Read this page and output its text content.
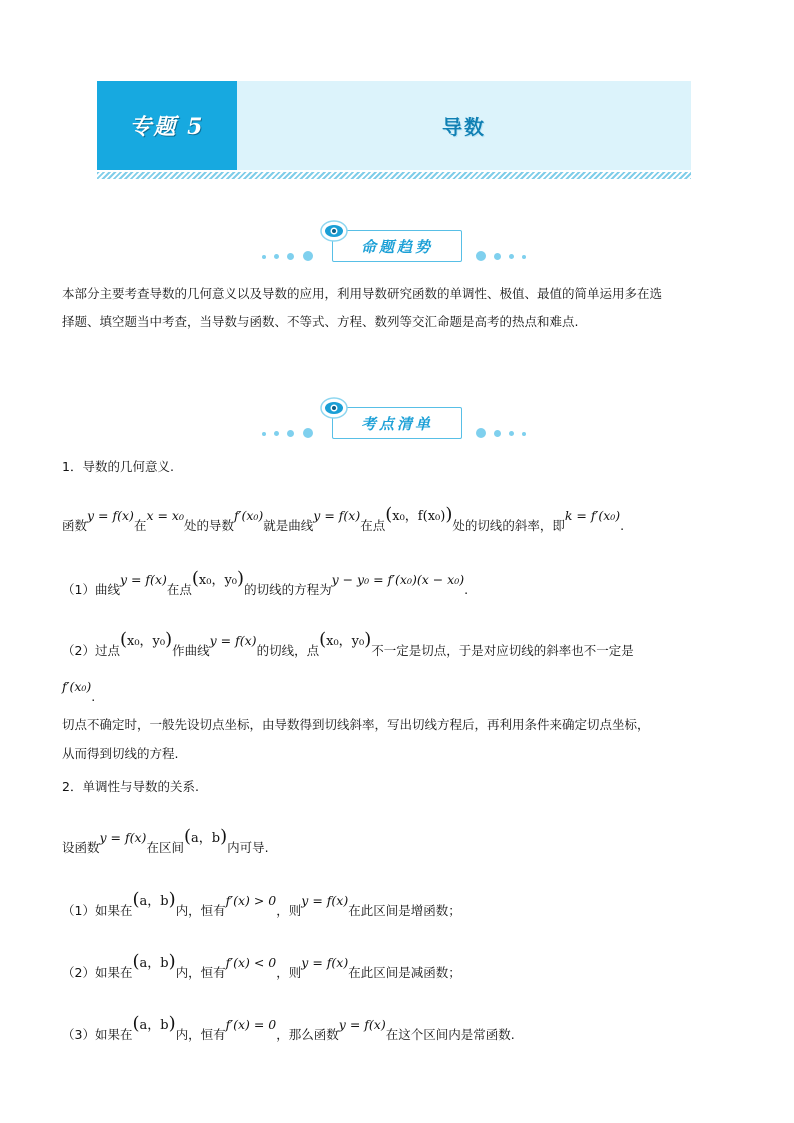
专题 5	导数
命题趋势
本部分主要考查导数的几何意义以及导数的应用，利用导数研究函数的单调性、极值、最值的简单运用多在选
择题、填空题当中考查，当导数与函数、不等式、方程、数列等交汇命题是高考的热点和难点.
考点清单
1．导数的几何意义.
函数y = f(x)在x = x₀处的导数f′(x₀)就是曲线y = f(x)在点(x₀，f(x₀))处的切线的斜率，即k = f′(x₀).
（1）曲线y = f(x)在点(x₀，y₀)的切线的方程为y − y₀ = f′(x₀)(x − x₀).
（2）过点(x₀，y₀)作曲线y = f(x)的切线，点(x₀，y₀)不一定是切点，于是对应切线的斜率也不一定是
f′(x₀).
切点不确定时，一般先设切点坐标，由导数得到切线斜率，写出切线方程后，再利用条件来确定切点坐标，
从而得到切线的方程.
2．单调性与导数的关系.
设函数y = f(x)在区间(a，b)内可导.
（1）如果在(a，b)内，恒有f′(x) > 0，则y = f(x)在此区间是增函数；
（2）如果在(a，b)内，恒有f′(x) < 0，则y = f(x)在此区间是减函数；
（3）如果在(a，b)内，恒有f′(x) = 0，那么函数y = f(x)在这个区间内是常函数.
